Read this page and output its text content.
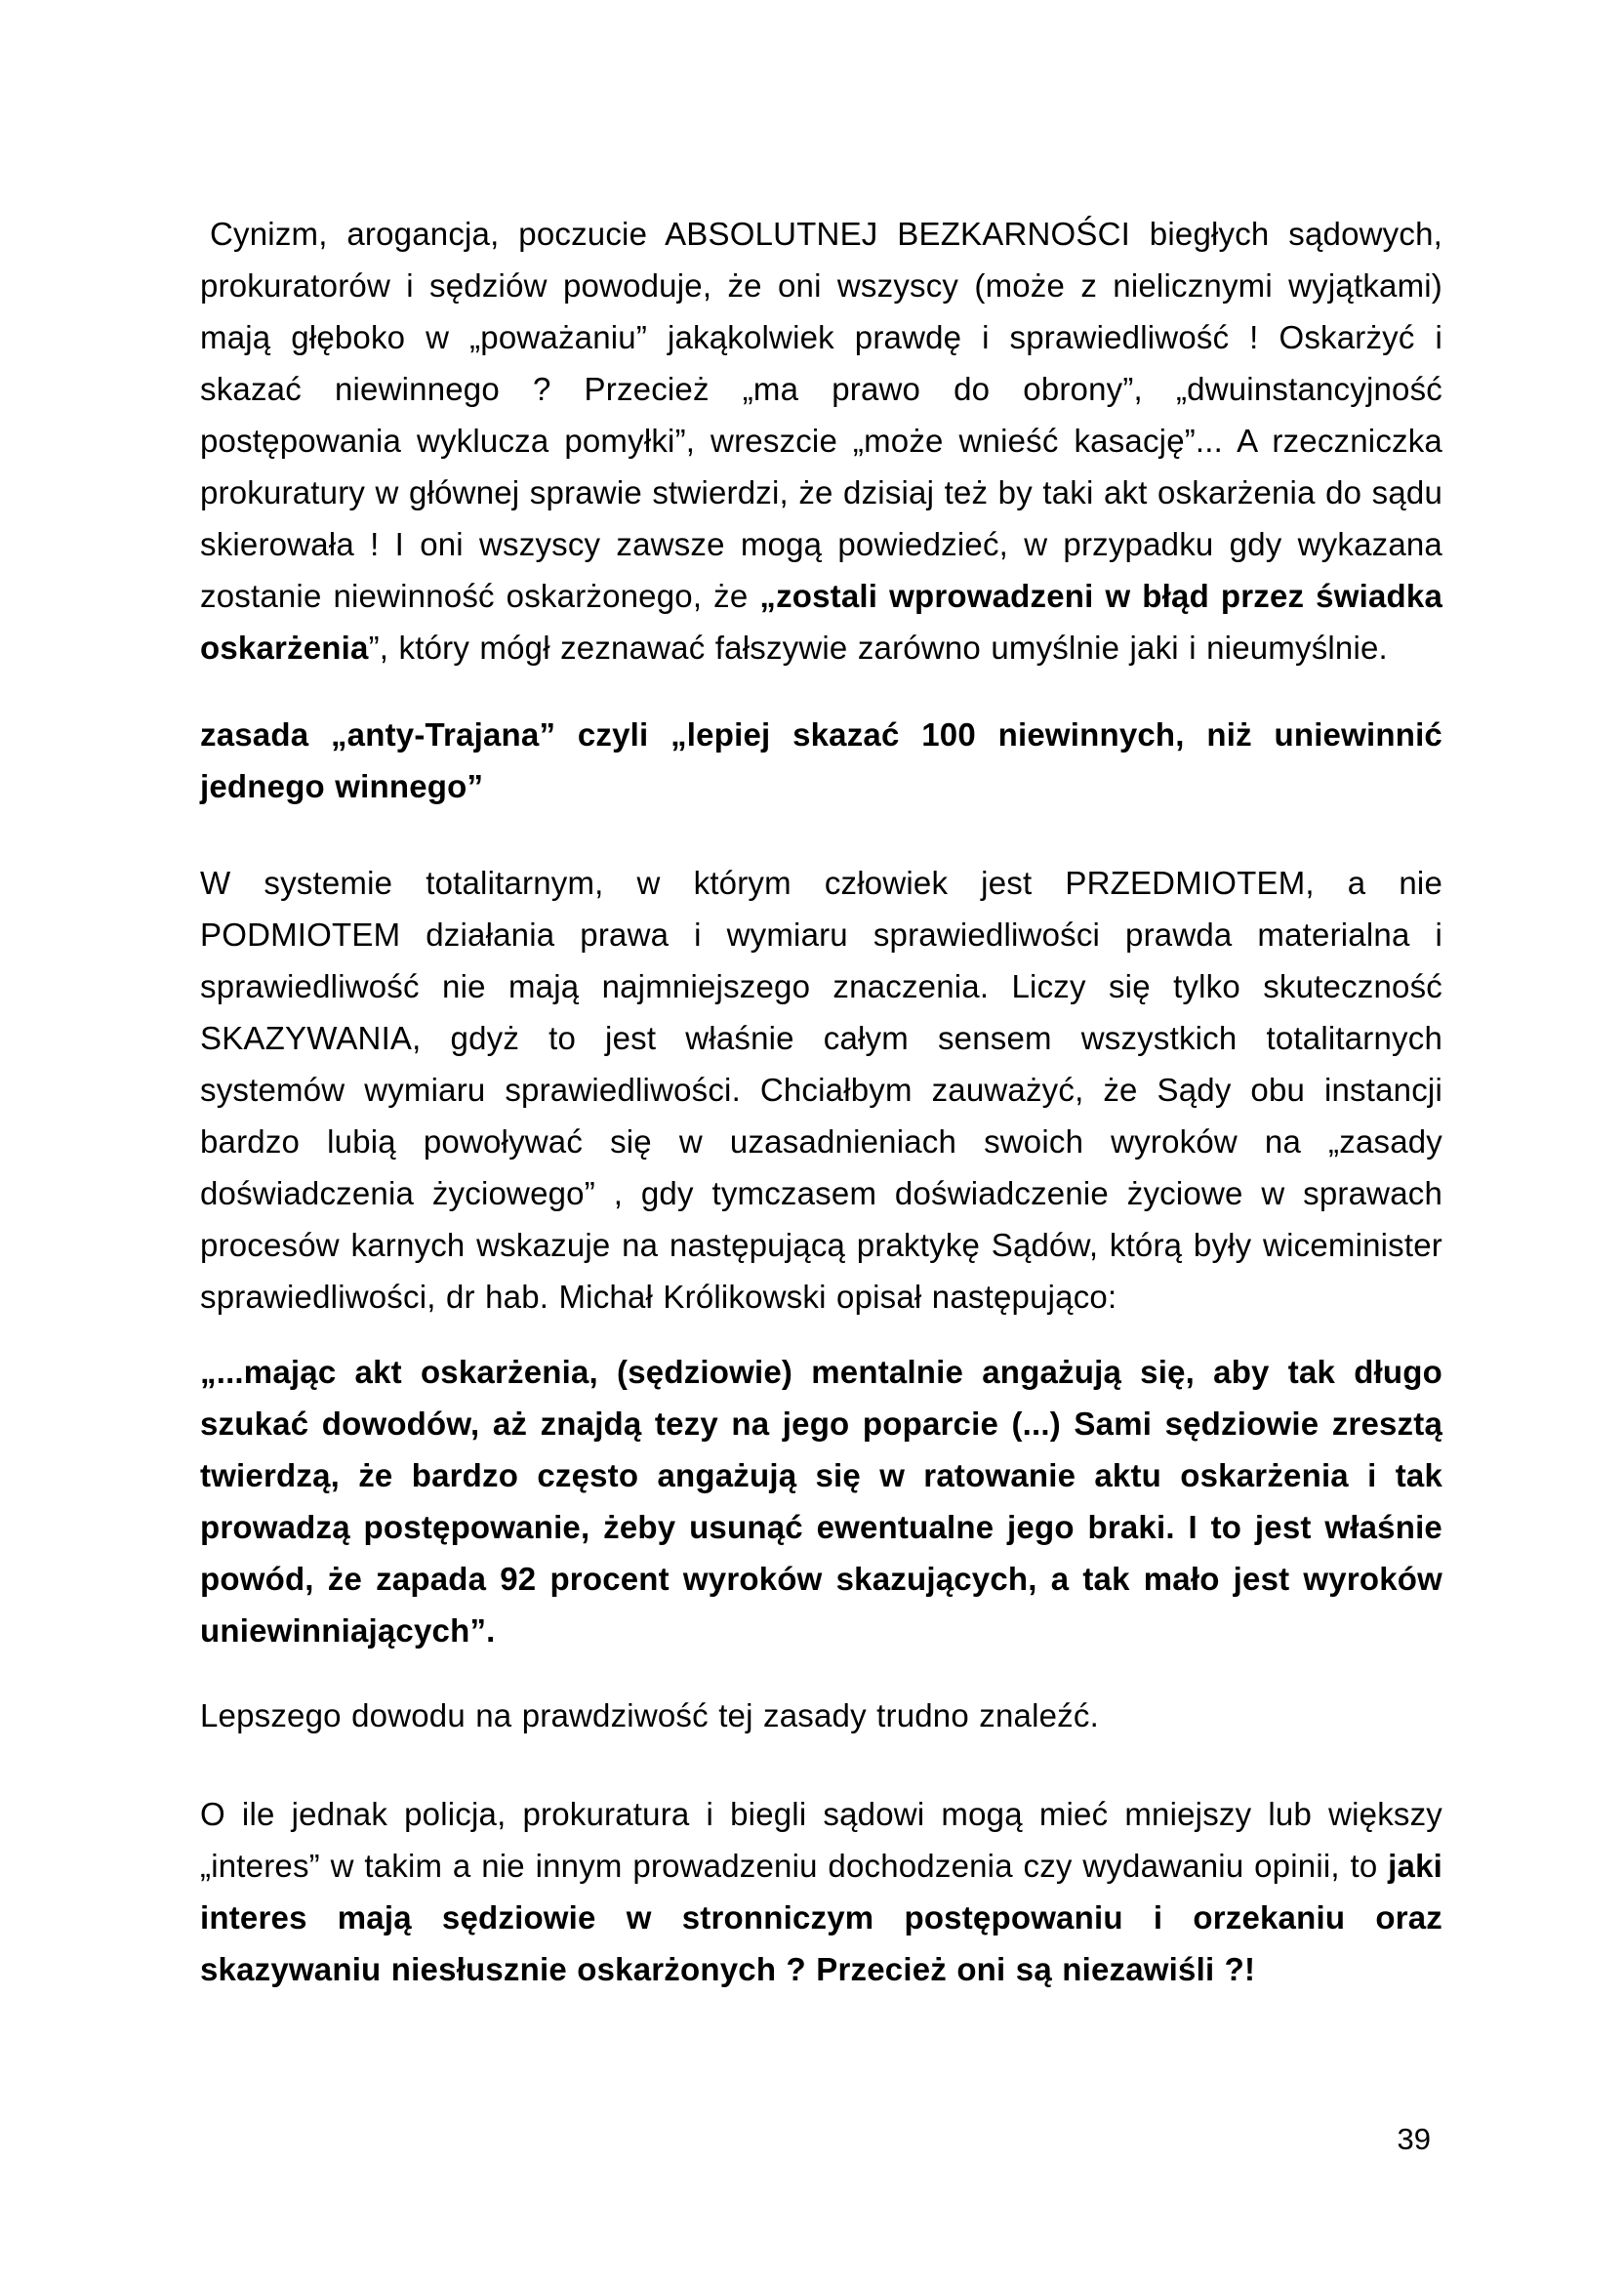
Cynizm, arogancja, poczucie ABSOLUTNEJ BEZKARNOŚCI biegłych sądowych, prokuratorów i sędziów powoduje, że oni wszyscy (może z nielicznymi wyjątkami) mają głęboko w „poważaniu” jakąkolwiek prawdę i sprawiedliwość ! Oskarżyć i skazać niewinnego ? Przecież „ma prawo do obrony”, „dwuinstancyjność postępowania wyklucza pomyłki”, wreszcie „może wnieść kasację”... A rzeczniczka prokuratury w głównej sprawie stwierdzi, że dzisiaj też by taki akt oskarżenia do sądu skierowała ! I oni wszyscy zawsze mogą powiedzieć, w przypadku gdy wykazana zostanie niewinność oskarżonego, że „zostali wprowadzeni w błąd przez świadka oskarżenia”, który mógł zeznawać fałszywie zarówno umyślnie jaki i nieumyślnie.

zasada „anty-Trajana” czyli „lepiej skazać 100 niewinnych, niż uniewinnić jednego winnego”

W systemie totalitarnym, w którym człowiek jest PRZEDMIOTEM, a nie PODMIOTEM działania prawa i wymiaru sprawiedliwości prawda materialna i sprawiedliwość nie mają najmniejszego znaczenia. Liczy się tylko skuteczność SKAZYWANIA, gdyż to jest właśnie całym sensem wszystkich totalitarnych systemów wymiaru sprawiedliwości. Chciałbym zauważyć, że Sądy obu instancji bardzo lubią powoływać się w uzasadnieniach swoich wyroków na „zasady doświadczenia życiowego” , gdy tymczasem doświadczenie życiowe w sprawach procesów karnych wskazuje na następującą praktykę Sądów, którą były wiceminister sprawiedliwości, dr hab. Michał Królikowski opisał następująco:

„...mając akt oskarżenia, (sędziowie) mentalnie angażują się, aby tak długo szukać dowodów, aż znajdą tezy na jego poparcie (...) Sami sędziowie zresztą twierdzą, że bardzo często angażują się w ratowanie aktu oskarżenia i tak prowadzą postępowanie, żeby usunąć ewentualne jego braki. I to jest właśnie powód, że zapada 92 procent wyroków skazujących, a tak mało jest wyroków uniewinniających”.

Lepszego dowodu na prawdziwość tej zasady trudno znaleźć.

O ile jednak policja, prokuratura i biegli sądowi mogą mieć mniejszy lub większy „interes” w takim a nie innym prowadzeniu dochodzenia czy wydawaniu opinii, to jaki interes mają sędziowie w stronniczym postępowaniu i orzekaniu oraz skazywaniu niesłusznie oskarżonych ? Przecież oni są niezawiśli ?!

39
